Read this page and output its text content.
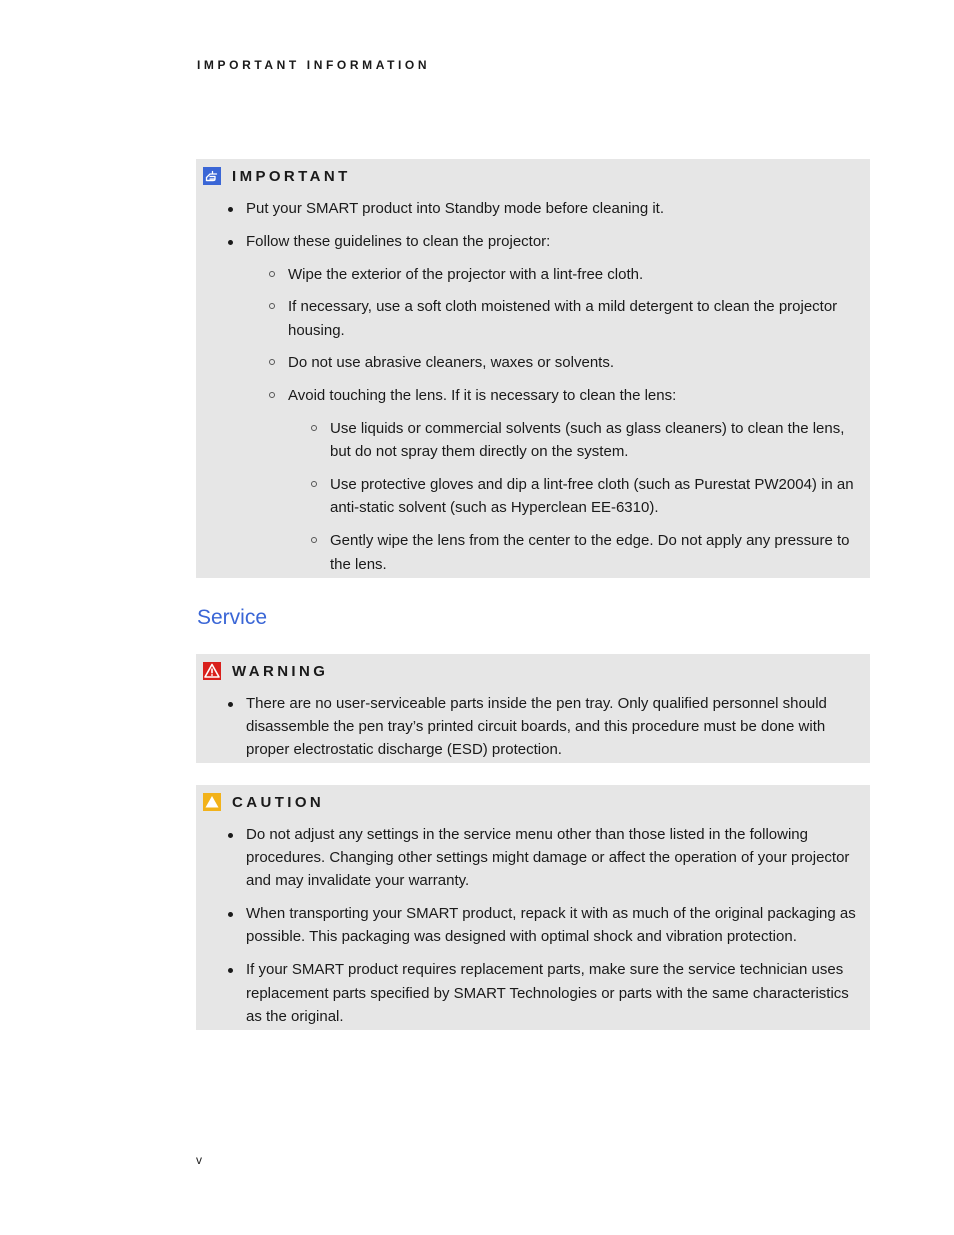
IMPORTANT INFORMATION
IMPORTANT
Put your SMART product into Standby mode before cleaning it.
Follow these guidelines to clean the projector:
Wipe the exterior of the projector with a lint-free cloth.
If necessary, use a soft cloth moistened with a mild detergent to clean the projector
housing.
Do not use abrasive cleaners, waxes or solvents.
Avoid touching the lens. If it is necessary to clean the lens:
Use liquids or commercial solvents (such as glass cleaners) to clean the lens,
but do not spray them directly on the system.
Use protective gloves and dip a lint-free cloth (such as Purestat PW2004) in an
anti-static solvent (such as Hyperclean EE-6310).
Gently wipe the lens from the center to the edge. Do not apply any pressure to
the lens.
Service
WARNING
There are no user-serviceable parts inside the pen tray. Only qualified personnel should
disassemble the pen tray’s printed circuit boards, and this procedure must be done with
proper electrostatic discharge (ESD) protection.
CAUTION
Do not adjust any settings in the service menu other than those listed in the following
procedures. Changing other settings might damage or affect the operation of your projector
and may invalidate your warranty.
When transporting your SMART product, repack it with as much of the original packaging as
possible. This packaging was designed with optimal shock and vibration protection.
If your SMART product requires replacement parts, make sure the service technician uses
replacement parts specified by SMART Technologies or parts with the same characteristics
as the original.
v
